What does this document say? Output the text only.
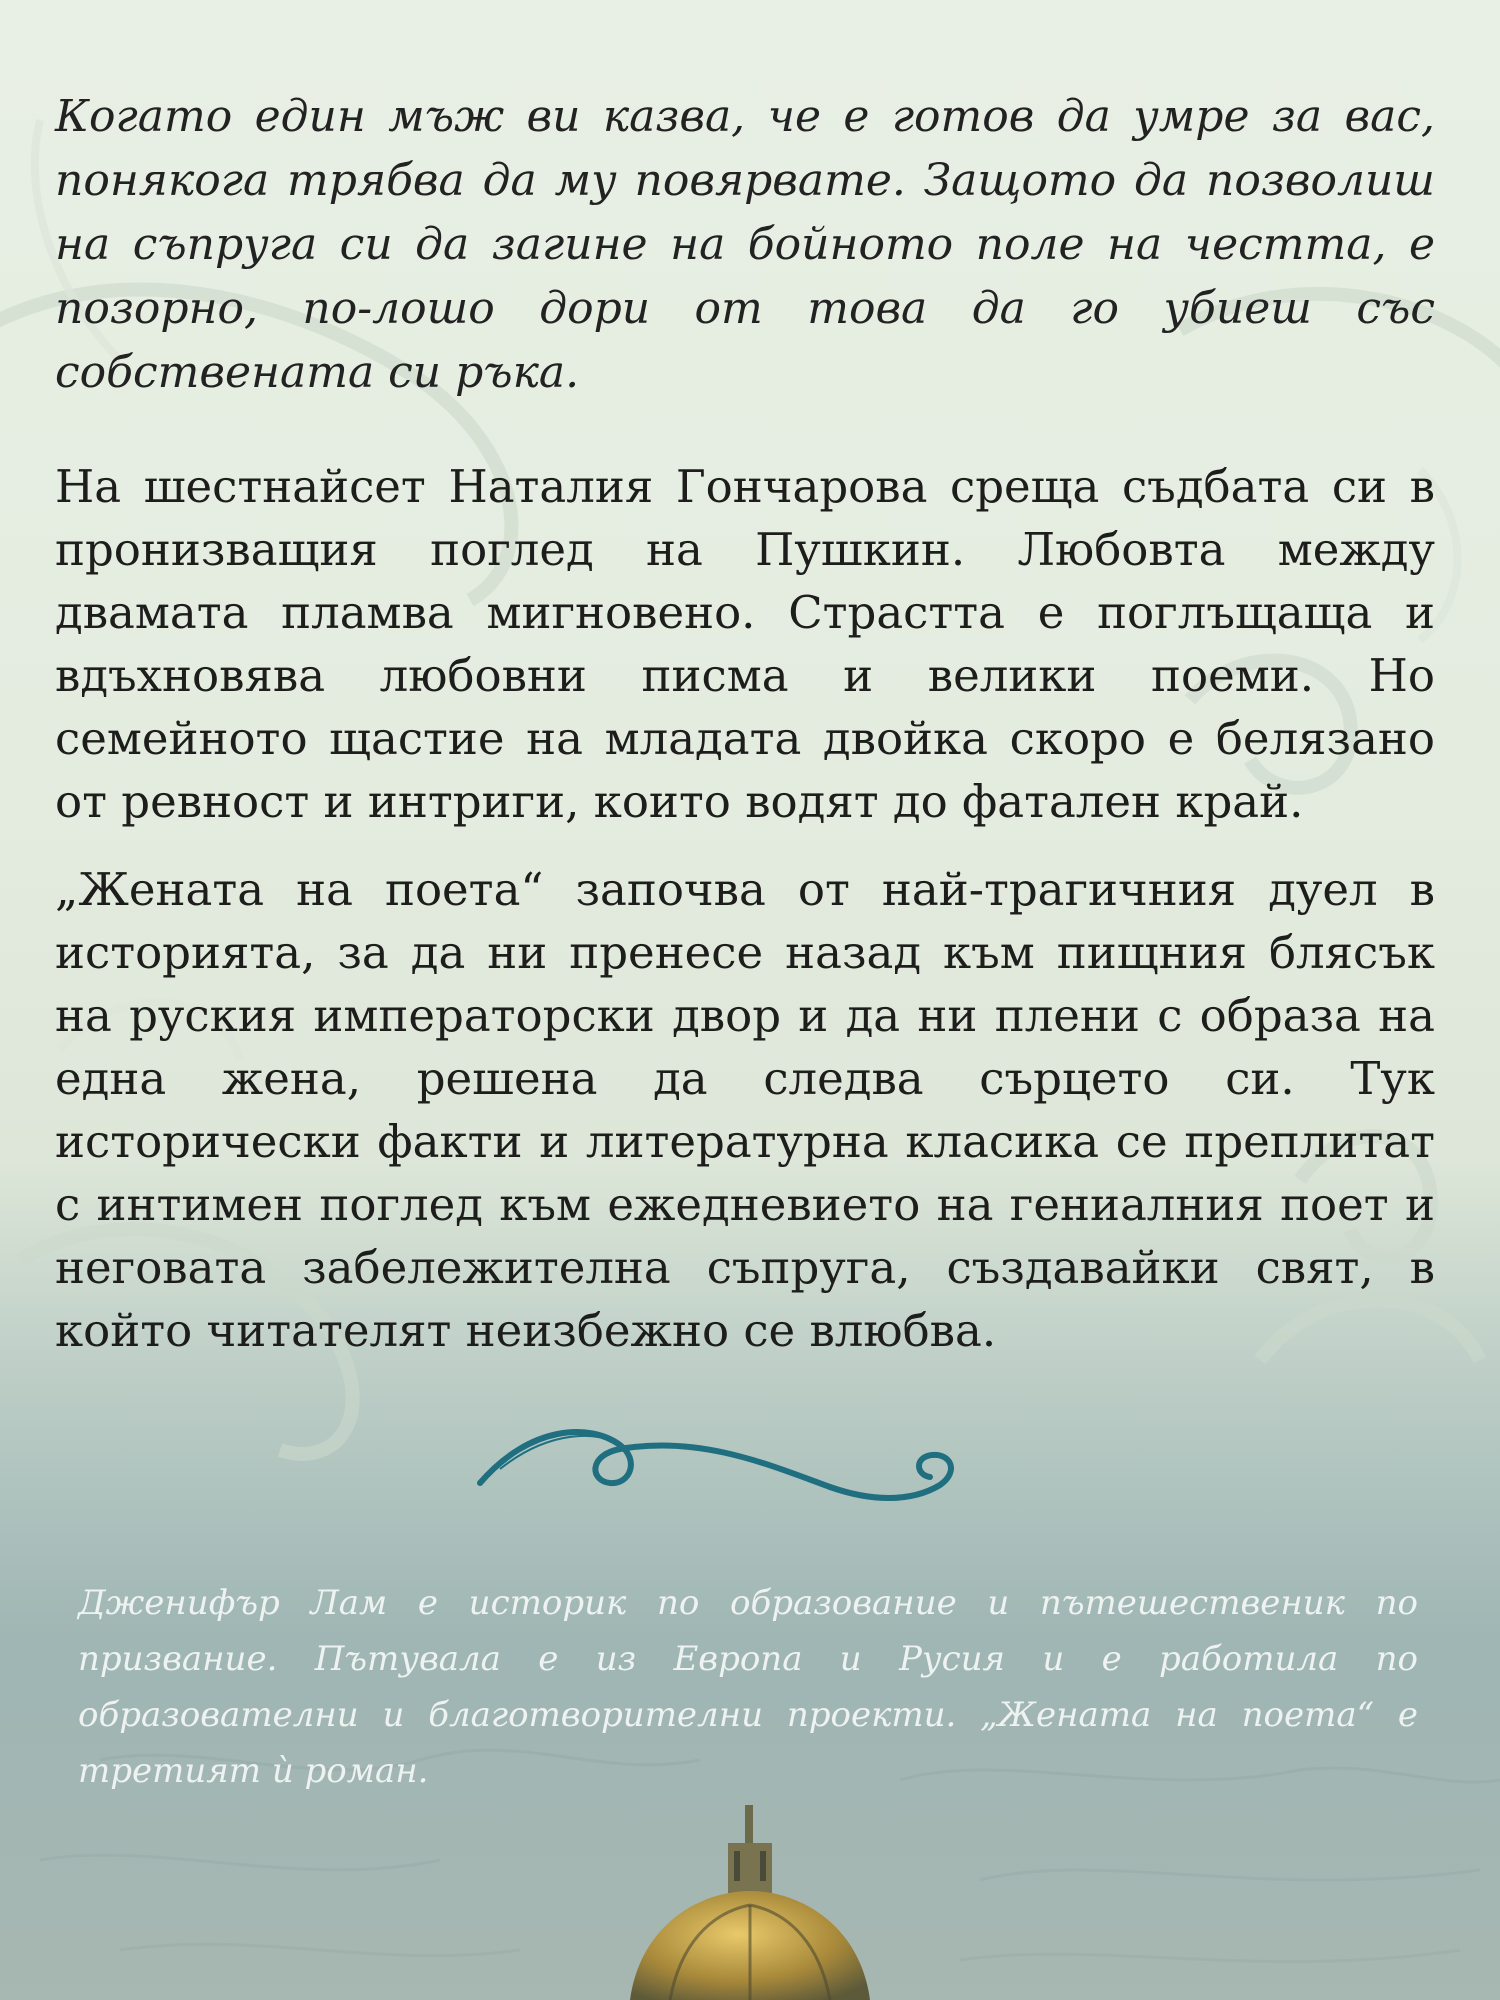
Когато един мъж ви казва, че е готов да умре за вас, понякога трябва да му повярвате. Защото да позволиш на съпруга си да загине на бойното поле на честта, е позорно, по-лошо дори от това да го убиеш със собствената си ръка.

На шестнайсет Наталия Гончарова среща съдбата си в пронизващия поглед на Пушкин. Любовта между двамата пламва мигновено. Страстта е поглъщаща и вдъхновява любовни писма и велики поеми. Но семейното щастие на младата двойка скоро е белязано от ревност и интриги, които водят до фатален край.

„Жената на поета“ започва от най-трагичния дуел в историята, за да ни пренесе назад към пищния блясък на руския императорски двор и да ни плени с образа на една жена, решена да следва сърцето си. Тук исторически факти и литературна класика се преплитат с интимен поглед към ежедневието на гениалния поет и неговата забележителна съпруга, създавайки свят, в който читателят неизбежно се влюбва.

Дженифър Лам е историк по образование и пътешественик по призвание. Пътувала е из Европа и Русия и е работила по образователни и благотворителни проекти. „Жената на поета“ е третият ѝ роман.
